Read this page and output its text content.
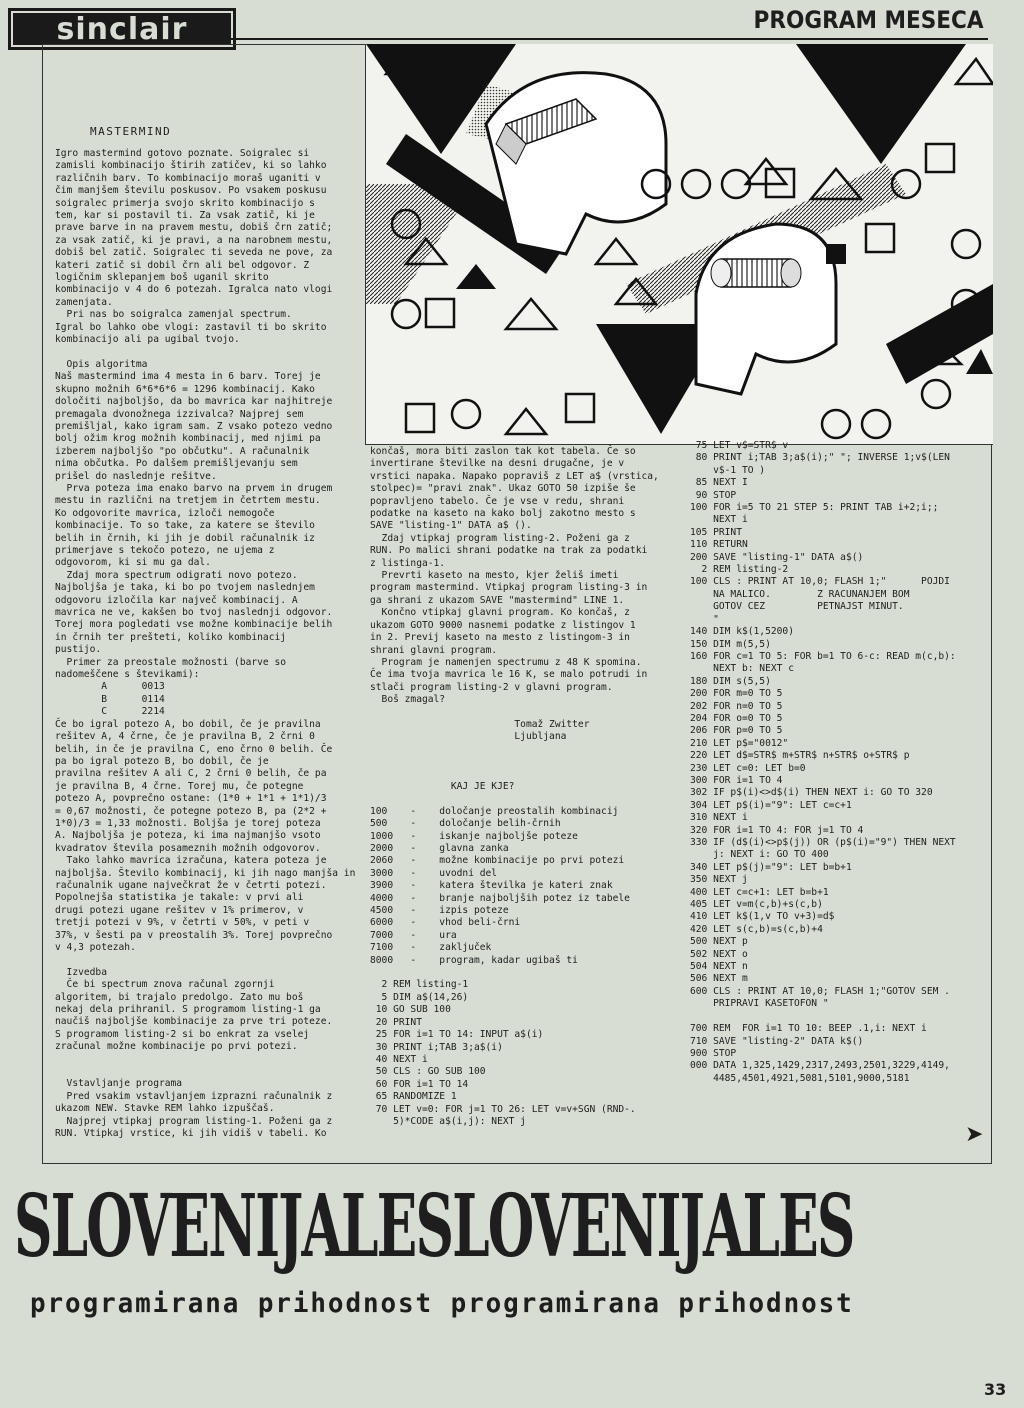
sinclair	PROGRAM MESECA
MASTERMIND
Igro mastermind gotovo poznate. Soigralec si
zamisli kombinacijo štirih zatičev, ki so lahko
različnih barv. To kombinacijo moraš uganiti v
čim manjšem številu poskusov. Po vsakem poskusu
soigralec primerja svojo skrito kombinacijo s
tem, kar si postavil ti. Za vsak zatič, ki je
prave barve in na pravem mestu, dobiš črn zatič;
za vsak zatič, ki je pravi, a na narobnem mestu,
dobiš bel zatič. Soigralec ti seveda ne pove, za
kateri zatič si dobil črn ali bel odgovor. Z
logičnim sklepanjem boš uganil skrito
kombinacijo v 4 do 6 potezah. Igralca nato vlogi
zamenjata.
Pri nas bo soigralca zamenjal spectrum.
Igral bo lahko obe vlogi: zastavil ti bo skrito
kombinacijo ali pa ugibal tvojo.

Opis algoritma
Naš mastermind ima 4 mesta in 6 barv. Torej je
skupno možnih 6*6*6*6 = 1296 kombinacij. Kako
določiti najboljšo, da bo mavrica kar najhitreje
premagala dvonožnega izzivalca? Najprej sem
premišljal, kako igram sam. Z vsako potezo vedno
bolj ožim krog možnih kombinacij, med njimi pa
izberem najboljšo "po občutku". A računalnik
nima občutka. Po dalšem premišljevanju sem
prišel do naslednje rešitve.
Prva poteza ima enako barvo na prvem in drugem
mestu in različni na tretjem in četrtem mestu.
Ko odgovorite mavrica, izloči nemogoče
kombinacije. To so take, za katere se število
belih in črnih, ki jih je dobil računalnik iz
primerjave s tekočo potezo, ne ujema z
odgovorom, ki si mu ga dal.
Zdaj mora spectrum odigrati novo potezo.
Najboljša je taka, ki bo po tvojem naslednjem
odgovoru izločila kar največ kombinacij. A
mavrica ne ve, kakšen bo tvoj naslednji odgovor.
Torej mora pogledati vse možne kombinacije belih
in črnih ter prešteti, koliko kombinacij
pustijo.
Primer za preostale možnosti (barve so
nadomeščene s števikami):
A      0013
B      0114
C      2214
Če bo igral potezo A, bo dobil, če je pravilna
rešitev A, 4 črne, če je pravilna B, 2 črni 0
belih, in če je pravilna C, eno črno 0 belih. Če
pa bo igral potezo B, bo dobil, če je
pravilna rešitev A ali C, 2 črni 0 belih, če pa
je pravilna B, 4 črne. Torej mu, če potegne
potezo A, povprečno ostane: (1*0 + 1*1 + 1*1)/3
= 0,67 možnosti, če potegne potezo B, pa (2*2 +
1*0)/3 = 1,33 možnosti. Boljša je torej poteza
A. Najboljša je poteza, ki ima najmanjšo vsoto
kvadratov števila posameznih možnih odgovorov.
Tako lahko mavrica izračuna, katera poteza je
najboljša. Število kombinacij, ki jih nago manjša in
računalnik ugane največkrat že v četrti potezi.
Popolnejša statistika je takale: v prvi ali
drugi potezi ugane rešitev v 1% primerov, v
tretji potezi v 9%, v četrti v 50%, v peti v
37%, v šesti pa v preostalih 3%. Torej povprečno
v 4,3 potezah.

Izvedba
Če bi spectrum znova računal zgornji
algoritem, bi trajalo predolgo. Zato mu boš
nekaj dela prihranil. S programom listing-1 ga
naučiš najboljše kombinacije za prve tri poteze.
S programom listing-2 si bo enkrat za vselej
zračunal možne kombinacije po prvi potezi.

Vstavljanje programa
Pred vsakim vstavljanjem izprazni računalnik z
ukazom NEW. Stavke REM lahko izpuščaš.
Najprej vtipkaj program listing-1. Poženi ga z
RUN. Vtipkaj vrstice, ki jih vidiš v tabeli. Ko
končaš, mora biti zaslon tak kot tabela. Če so
invertirane številke na desni drugačne, je v
vrstici napaka. Napako popraviš z LET a$ (vrstica,
stolpec)= "pravi znak". Ukaz GOTO 50 izpiše še
popravljeno tabelo. Če je vse v redu, shrani
podatke na kaseto na kako bolj zakotno mesto s
SAVE "listing-1" DATA a$ ().
Zdaj vtipkaj program listing-2. Poženi ga z
RUN. Po malici shrani podatke na trak za podatki
z listinga-1.
Prevrti kaseto na mesto, kjer želiš imeti
program mastermind. Vtipkaj program listing-3 in
ga shrani z ukazom SAVE "mastermind" LINE 1.
Končno vtipkaj glavni program. Ko končaš, z
ukazom GOTO 9000 nasnemi podatke z listingov 1
in 2. Previj kaseto na mesto z listingom-3 in
shrani glavni program.
Program je namenjen spectrumu z 48 K spomina.
Če ima tvoja mavrica le 16 K, se malo potrudi in
stlači program listing-2 v glavni program.
Boš zmagal?

Tomaž Zwitter
Ljubljana

KAJ JE KJE?

100    -    določanje preostalih kombinacij
500    -    določanje belih-črnih
1000   -    iskanje najboljše poteze
2000   -    glavna zanka
2060   -    možne kombinacije po prvi potezi
3000   -    uvodni del
3900   -    katera številka je kateri znak
4000   -    branje najboljših potez iz tabele
4500   -    izpis poteze
6000   -    vhod beli-črni
7000   -    ura
7100   -    zaključek
8000   -    program, kadar ugibaš ti

2 REM listing-1
5 DIM a$(14,26)
10 GO SUB 100
20 PRINT
25 FOR i=1 TO 14: INPUT a$(i)
30 PRINT i;TAB 3;a$(i)
40 NEXT i
50 CLS : GO SUB 100
60 FOR i=1 TO 14
65 RANDOMIZE 1
70 LET v=0: FOR j=1 TO 26: LET v=v+SGN (RND-.
5)*CODE a$(i,j): NEXT j
75 LET v$=STR$ v
80 PRINT i;TAB 3;a$(i);" "; INVERSE 1;v$(LEN
v$-1 TO )
85 NEXT I
90 STOP
100 FOR i=5 TO 21 STEP 5: PRINT TAB i+2;i;;
NEXT i
105 PRINT
110 RETURN
200 SAVE "listing-1" DATA a$()
2 REM listing-2
100 CLS : PRINT AT 10,0; FLASH 1;"      POJDI
NA MALICO.        Z RACUNANJEM BOM
GOTOV CEZ         PETNAJST MINUT.
"
140 DIM k$(1,5200)
150 DIM m(5,5)
160 FOR c=1 TO 5: FOR b=1 TO 6-c: READ m(c,b):
NEXT b: NEXT c
180 DIM s(5,5)
200 FOR m=0 TO 5
202 FOR n=0 TO 5
204 FOR o=0 TO 5
206 FOR p=0 TO 5
210 LET p$="0012"
220 LET d$=STR$ m+STR$ n+STR$ o+STR$ p
230 LET c=0: LET b=0
300 FOR i=1 TO 4
302 IF p$(i)<>d$(i) THEN NEXT i: GO TO 320
304 LET p$(i)="9": LET c=c+1
310 NEXT i
320 FOR i=1 TO 4: FOR j=1 TO 4
330 IF (d$(i)<>p$(j)) OR (p$(i)="9") THEN NEXT
j: NEXT i: GO TO 400
340 LET p$(j)="9": LET b=b+1
350 NEXT j
400 LET c=c+1: LET b=b+1
405 LET v=m(c,b)+s(c,b)
410 LET k$(1,v TO v+3)=d$
420 LET s(c,b)=s(c,b)+4
500 NEXT p
502 NEXT o
504 NEXT n
506 NEXT m
600 CLS : PRINT AT 10,0; FLASH 1;"GOTOV SEM .
PRIPRAVI KASETOFON "

700 REM  FOR i=1 TO 10: BEEP .1,i: NEXT i
710 SAVE "listing-2" DATA k$()
900 STOP
000 DATA 1,325,1429,2317,2493,2501,3229,4149,
4485,4501,4921,5081,5101,9000,5181
➤
SLOVENIJALESLOVENIJALES
programirana prihodnost programirana prihodnost
33
